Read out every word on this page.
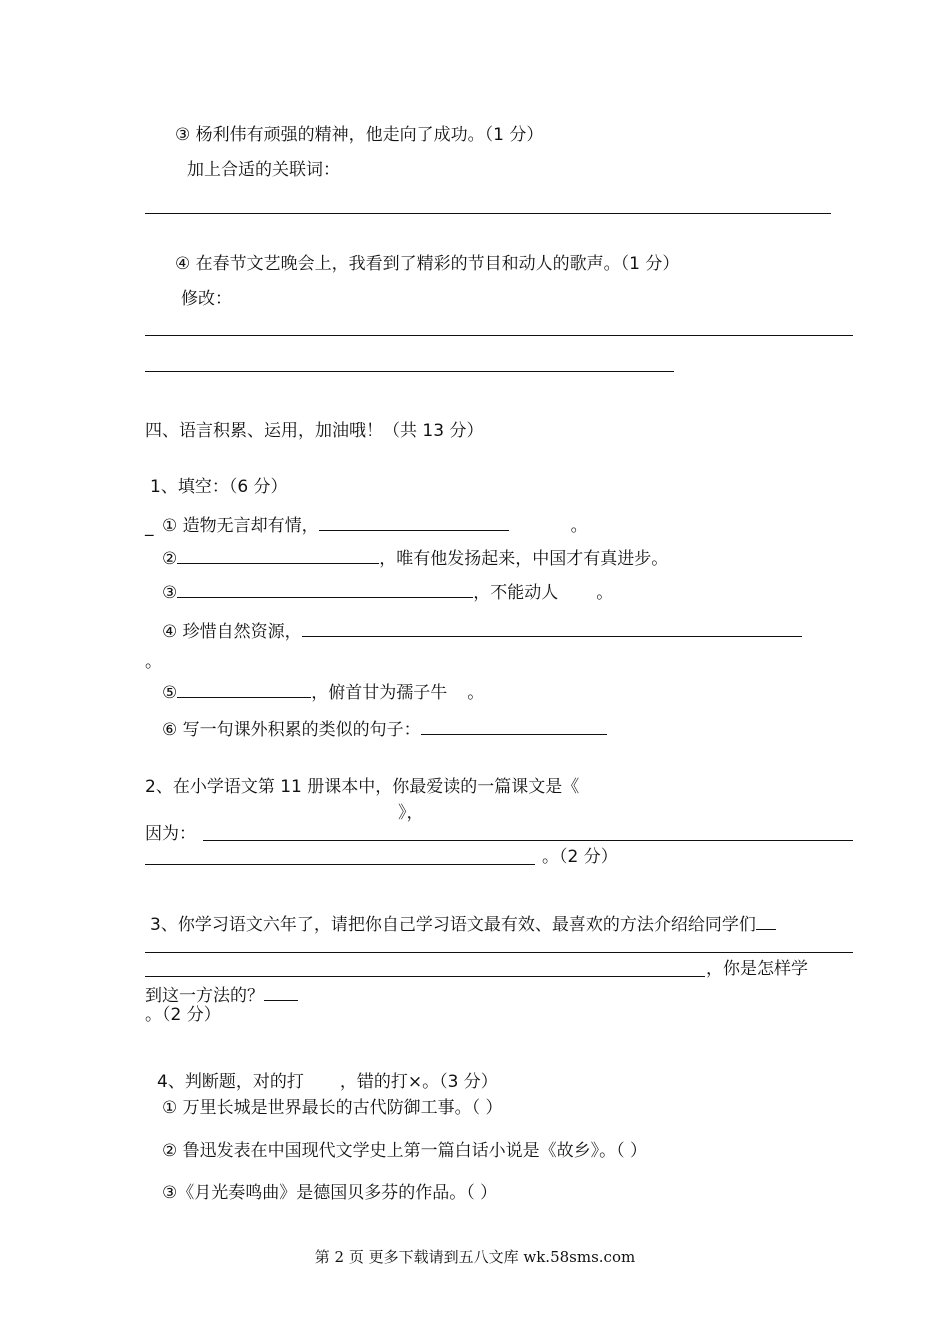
③ 杨利伟有顽强的精神，他走向了成功。（1 分）
加上合适的关联词：
④ 在春节文艺晚会上，我看到了精彩的节目和动人的歌声。（1 分）
修改：
四、语言积累、运用，加油哦！（共 13 分）
1、填空：（6 分）
_ ① 造物无言却有情，	。
②	，唯有他发扬起来，中国才有真进步。
③	，不能动人 。
④ 珍惜自然资源，
。
⑤	，俯首甘为孺子牛 。
⑥ 写一句课外积累的类似的句子：
2、在小学语文第 11 册课本中，你最爱读的一篇课文是《
》，
因为：
。（2 分）
3、你学习语文六年了，请把你自己学习语文最有效、最喜欢的方法介绍给同学们
，你是怎样学
到这一方法的？
。（2 分）
4、判断题，对的打 ，错的打×。（3 分）
① 万里长城是世界最长的古代防御工事。（ ）
② 鲁迅发表在中国现代文学史上第一篇白话小说是《故乡》。（ ）
③《月光奏鸣曲》是德国贝多芬的作品。（ ）
第 2 页 更多下载请到五八文库 wk.58sms.com
